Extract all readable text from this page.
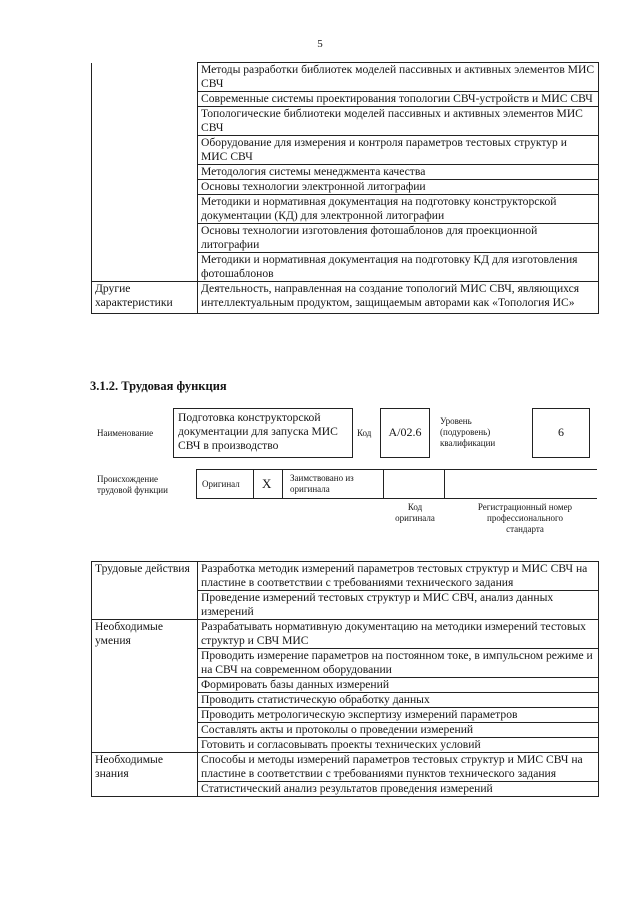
5
	Методы разработки библиотек моделей пассивных и активных элементов МИС СВЧ
	Современные системы проектирования топологии СВЧ-устройств и МИС СВЧ
	Топологические библиотеки моделей пассивных и активных элементов МИС СВЧ
	Оборудование для измерения и контроля параметров тестовых структур и МИС СВЧ
	Методология системы менеджмента качества
	Основы технологии электронной литографии
	Методики и нормативная документация на подготовку конструкторской документации (КД) для электронной литографии
	Основы технологии изготовления фотошаблонов для проекционной литографии
	Методики и нормативная документация на подготовку КД для изготовления фотошаблонов
Другие характеристики	Деятельность, направленная на создание топологий МИС СВЧ, являющихся интеллектуальным продуктом, защищаемым авторами как «Топология ИС»
3.1.2. Трудовая функция
Наименование
Подготовка конструкторской документации для запуска МИС СВЧ в производство
Код	A/02.6
Уровень (подуровень) квалификации
6
Происхождение трудовой функции
Оригинал X Заимствовано из оригинала
Код оригинала
Регистрационный номер профессионального стандарта
Трудовые действия	Разработка методик измерений параметров тестовых структур и МИС СВЧ на пластине в соответствии с требованиями технического задания
	Проведение измерений тестовых структур и МИС СВЧ, анализ данных измерений
Необходимые умения	Разрабатывать нормативную документацию на методики измерений тестовых структур и СВЧ МИС
	Проводить измерение параметров на постоянном токе, в импульсном режиме и на СВЧ на современном оборудовании
	Формировать базы данных измерений
	Проводить статистическую обработку данных
	Проводить метрологическую экспертизу измерений параметров
	Составлять акты и протоколы о проведении измерений
	Готовить и согласовывать проекты технических условий
Необходимые знания	Способы и методы измерений параметров тестовых структур и МИС СВЧ на пластине в соответствии с требованиями пунктов технического задания
	Статистический анализ результатов проведения измерений
